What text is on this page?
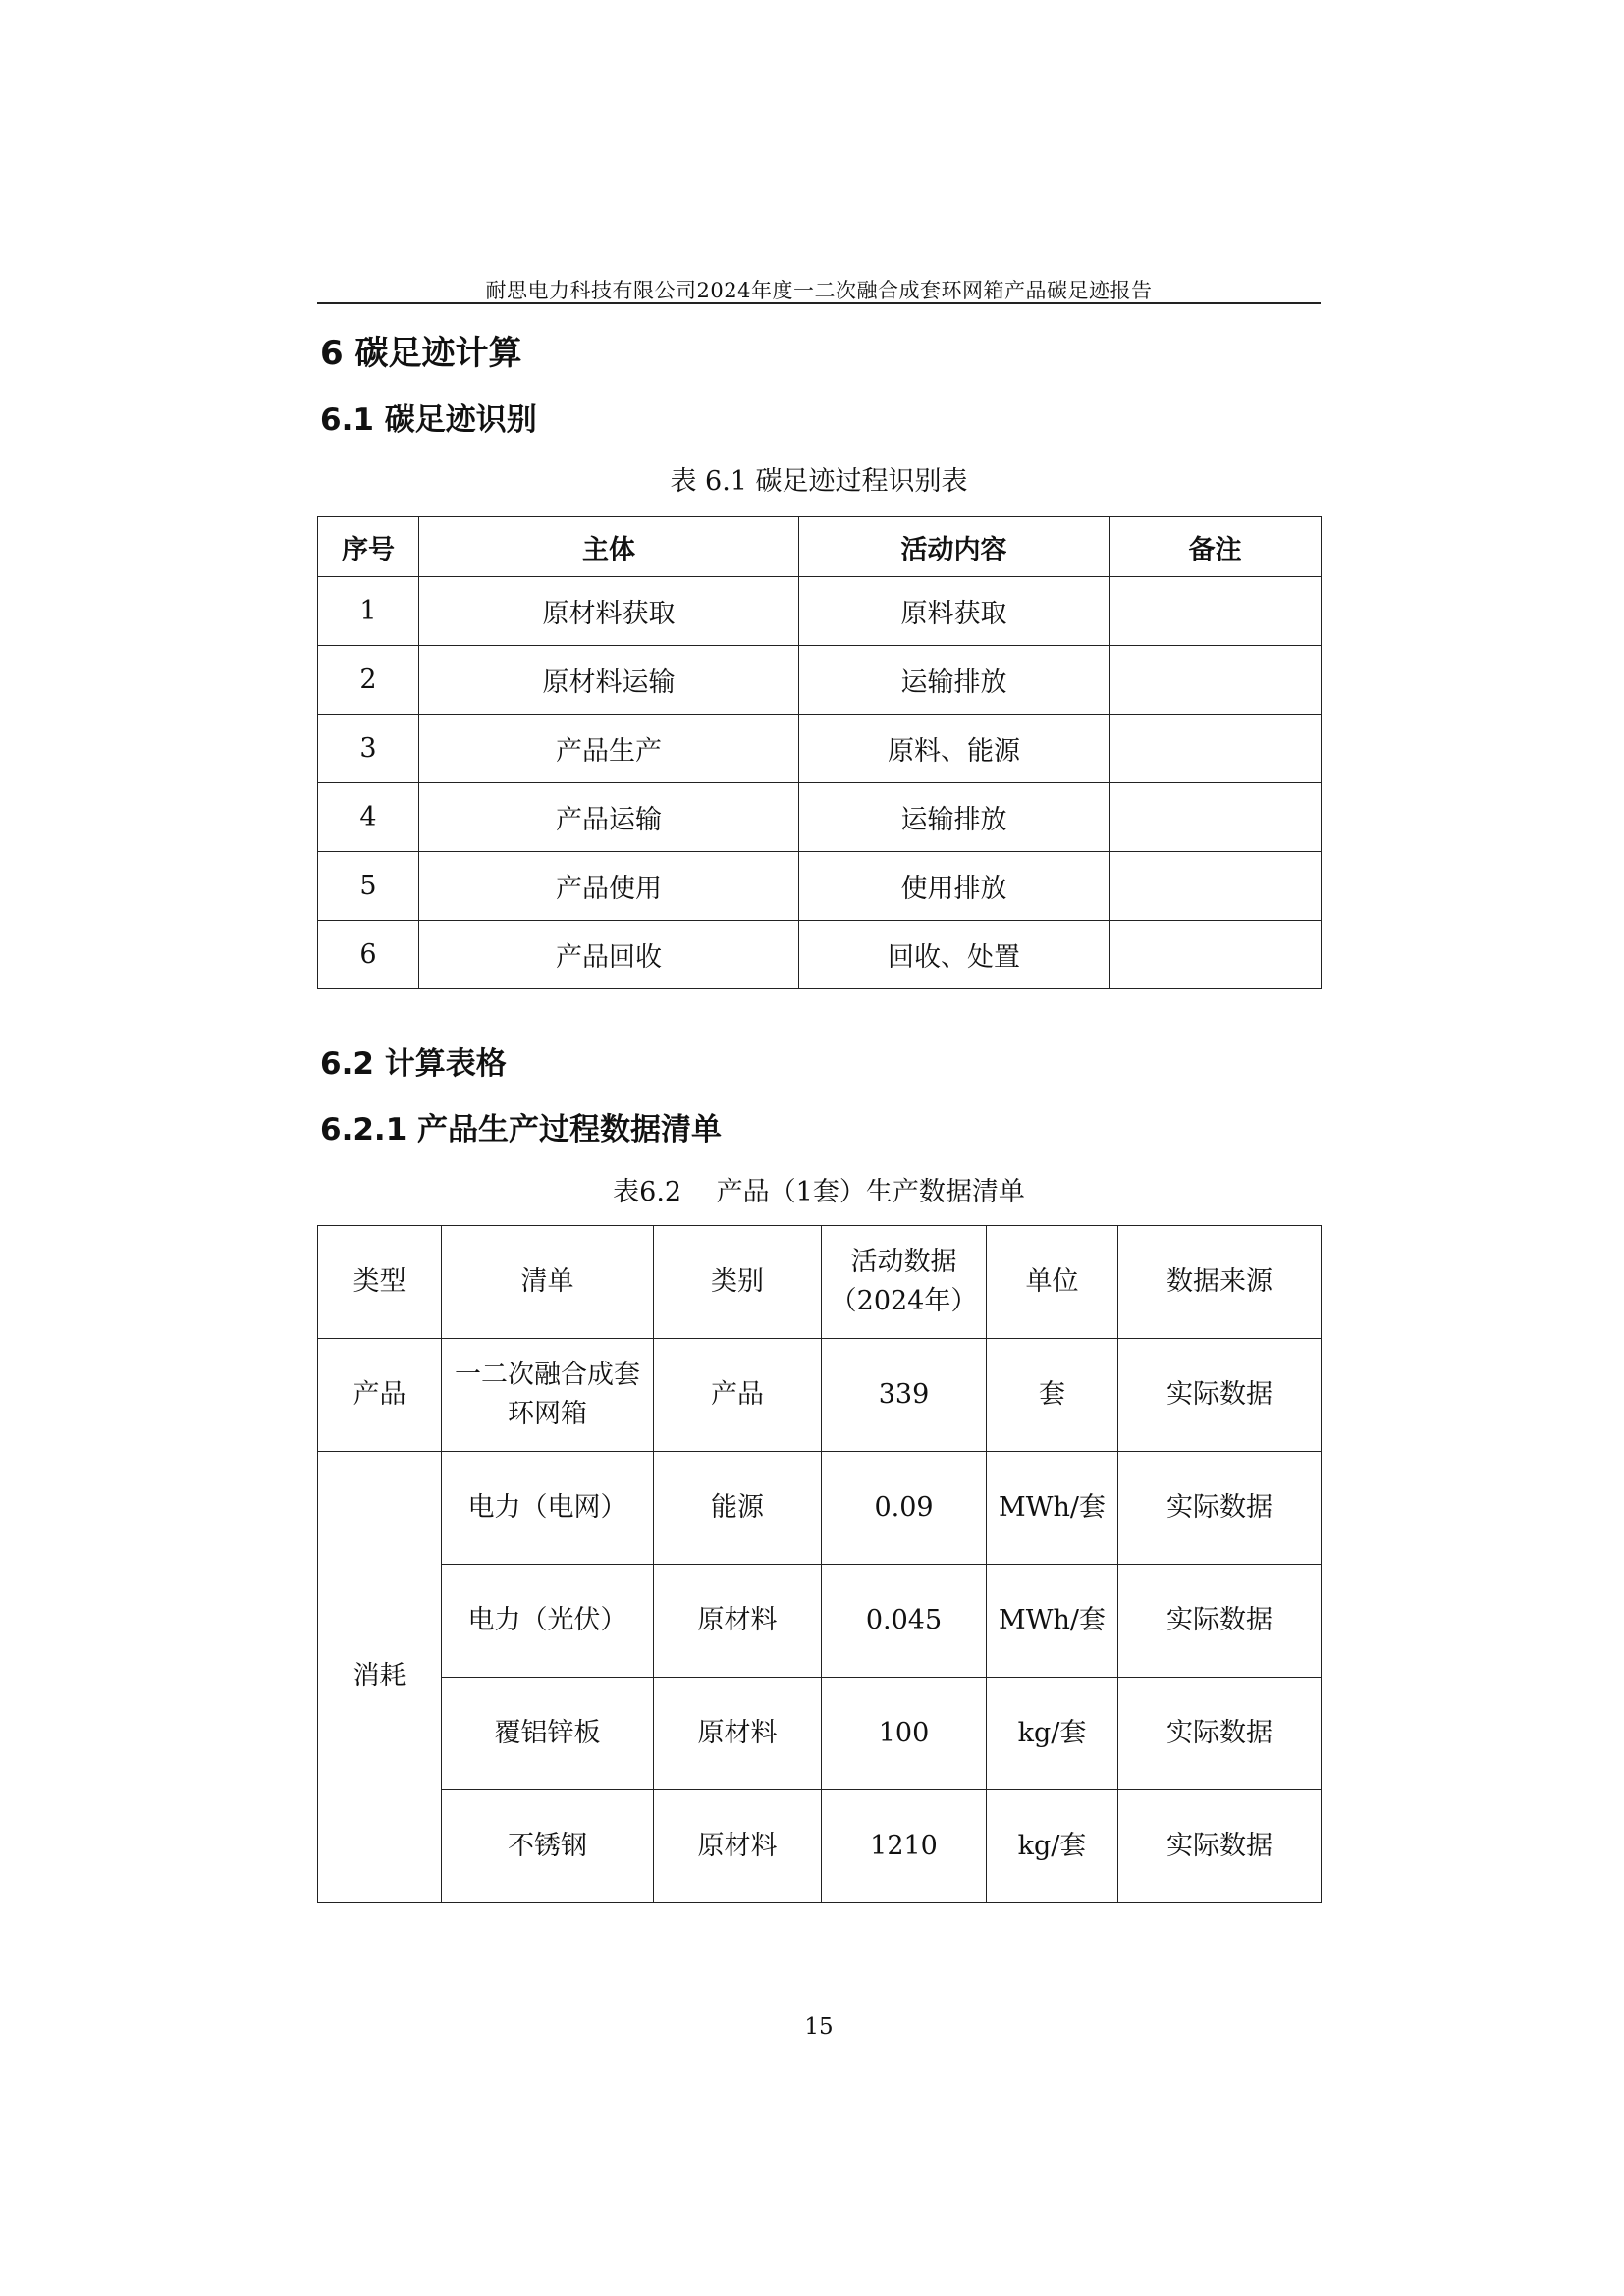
耐思电力科技有限公司2024年度一二次融合成套环网箱产品碳足迹报告
6 碳足迹计算
6.1 碳足迹识别
表 6.1 碳足迹过程识别表
序号	主体	活动内容	备注
1	原材料获取	原料获取	
2	原材料运输	运输排放	
3	产品生产	原料、能源	
4	产品运输	运输排放	
5	产品使用	使用排放	
6	产品回收	回收、处置	
6.2 计算表格
6.2.1 产品生产过程数据清单
表6.2　 产品（1套）生产数据清单
类型	清单	类别	活动数据（2024年）	单位	数据来源
产品	一二次融合成套环网箱	产品	339	套	实际数据
消耗	电力（电网）	能源	0.09	MWh/套	实际数据
	电力（光伏）	原材料	0.045	MWh/套	实际数据
	覆铝锌板	原材料	100	kg/套	实际数据
	不锈钢	原材料	1210	kg/套	实际数据
15
